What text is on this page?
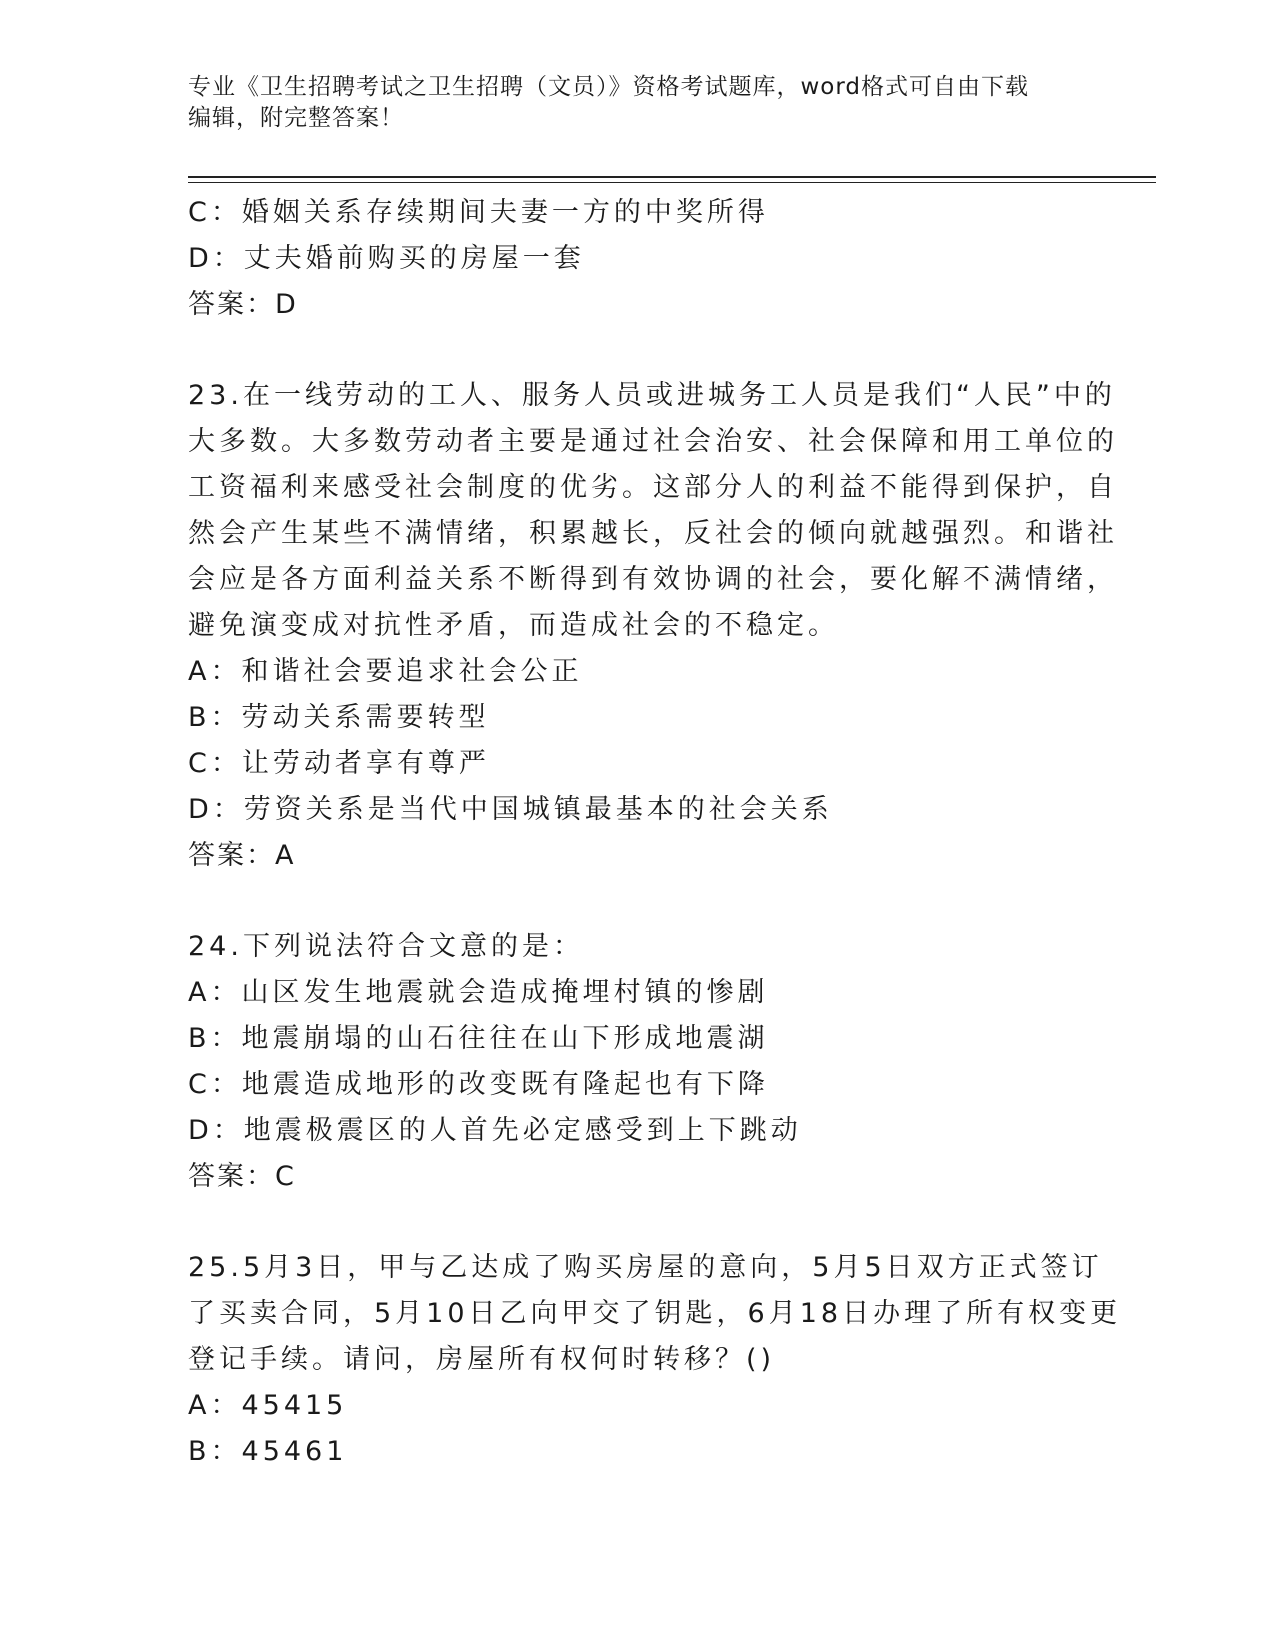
专业《卫生招聘考试之卫生招聘（文员）》资格考试题库，word格式可自由下载
编辑，附完整答案！
C：婚姻关系存续期间夫妻一方的中奖所得
D：丈夫婚前购买的房屋一套
答案：D
23.在一线劳动的工人、服务人员或进城务工人员是我们“人民”中的
大多数。大多数劳动者主要是通过社会治安、社会保障和用工单位的
工资福利来感受社会制度的优劣。这部分人的利益不能得到保护，自
然会产生某些不满情绪，积累越长，反社会的倾向就越强烈。和谐社
会应是各方面利益关系不断得到有效协调的社会，要化解不满情绪，
避免演变成对抗性矛盾，而造成社会的不稳定。
A：和谐社会要追求社会公正
B：劳动关系需要转型
C：让劳动者享有尊严
D：劳资关系是当代中国城镇最基本的社会关系
答案：A
24.下列说法符合文意的是：
A：山区发生地震就会造成掩埋村镇的惨剧
B：地震崩塌的山石往往在山下形成地震湖
C：地震造成地形的改变既有隆起也有下降
D：地震极震区的人首先必定感受到上下跳动
答案：C
25.5月3日，甲与乙达成了购买房屋的意向，5月5日双方正式签订
了买卖合同，5月10日乙向甲交了钥匙，6月18日办理了所有权变更
登记手续。请问，房屋所有权何时转移？()
A：45415
B：45461
